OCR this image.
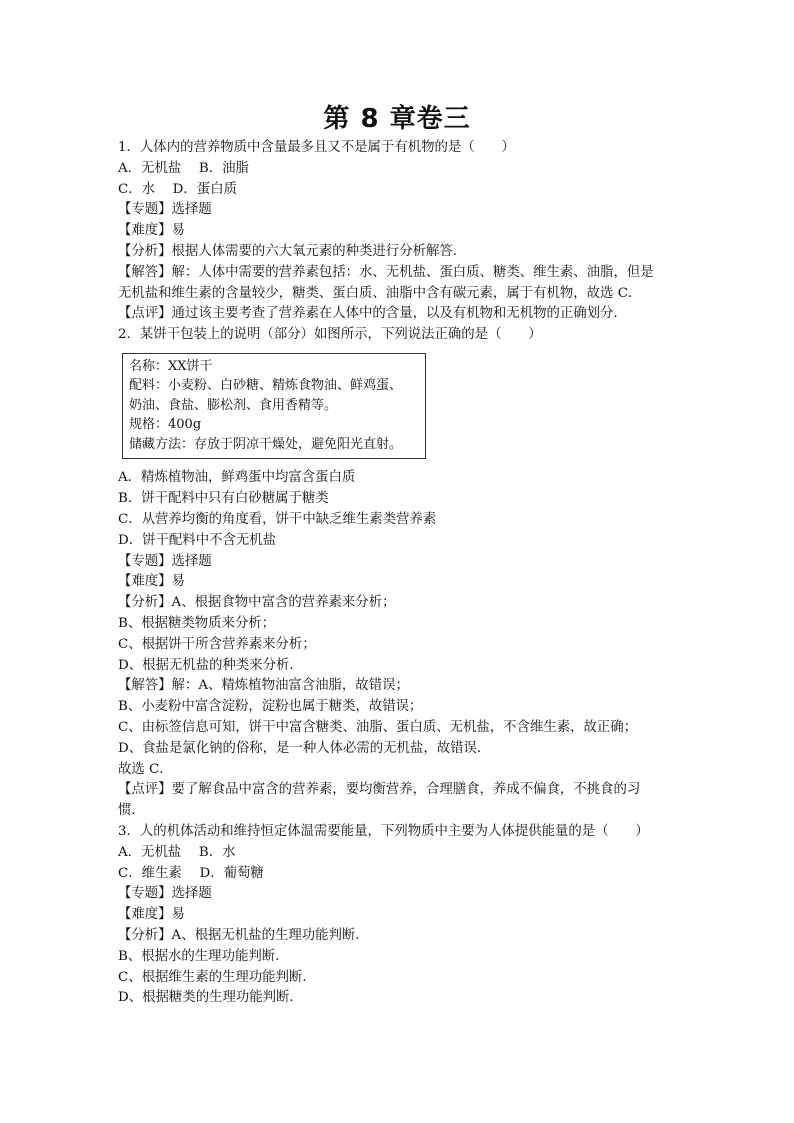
第 8 章卷三
1．人体内的营养物质中含量最多且又不是属于有机物的是（　　）
A．无机盐　 B．油脂
C．水　 D．蛋白质
【专题】选择题
【难度】易
【分析】根据人体需要的六大氧元素的种类进行分析解答．
【解答】解：人体中需要的营养素包括：水、无机盐、蛋白质、糖类、维生素、油脂，但是
无机盐和维生素的含量较少，糖类、蛋白质、油脂中含有碳元素，属于有机物，故选 C．
【点评】通过该主要考查了营养素在人体中的含量，以及有机物和无机物的正确划分．
2．某饼干包装上的说明（部分）如图所示，下列说法正确的是（　　）
名称：XX饼干
配料：小麦粉、白砂糖、精炼食物油、鲜鸡蛋、
奶油、食盐、膨松剂、食用香精等。
规格：400g
储藏方法：存放于阴凉干燥处，避免阳光直射。
A．精炼植物油，鲜鸡蛋中均富含蛋白质
B．饼干配料中只有白砂糖属于糖类
C．从营养均衡的角度看，饼干中缺乏维生素类营养素
D．饼干配料中不含无机盐
【专题】选择题
【难度】易
【分析】A、根据食物中富含的营养素来分析；
B、根据糖类物质来分析；
C、根据饼干所含营养素来分析；
D、根据无机盐的种类来分析．
【解答】解：A、精炼植物油富含油脂，故错误；
B、小麦粉中富含淀粉，淀粉也属于糖类，故错误；
C、由标签信息可知，饼干中富含糖类、油脂、蛋白质、无机盐，不含维生素，故正确；
D、食盐是氯化钠的俗称，是一种人体必需的无机盐，故错误．
故选 C．
【点评】要了解食品中富含的营养素，要均衡营养，合理膳食，养成不偏食，不挑食的习
惯．
3．人的机体活动和维持恒定体温需要能量，下列物质中主要为人体提供能量的是（　　）
A．无机盐　 B．水
C．维生素　 D．葡萄糖
【专题】选择题
【难度】易
【分析】A、根据无机盐的生理功能判断．
B、根据水的生理功能判断．
C、根据维生素的生理功能判断．
D、根据糖类的生理功能判断．
